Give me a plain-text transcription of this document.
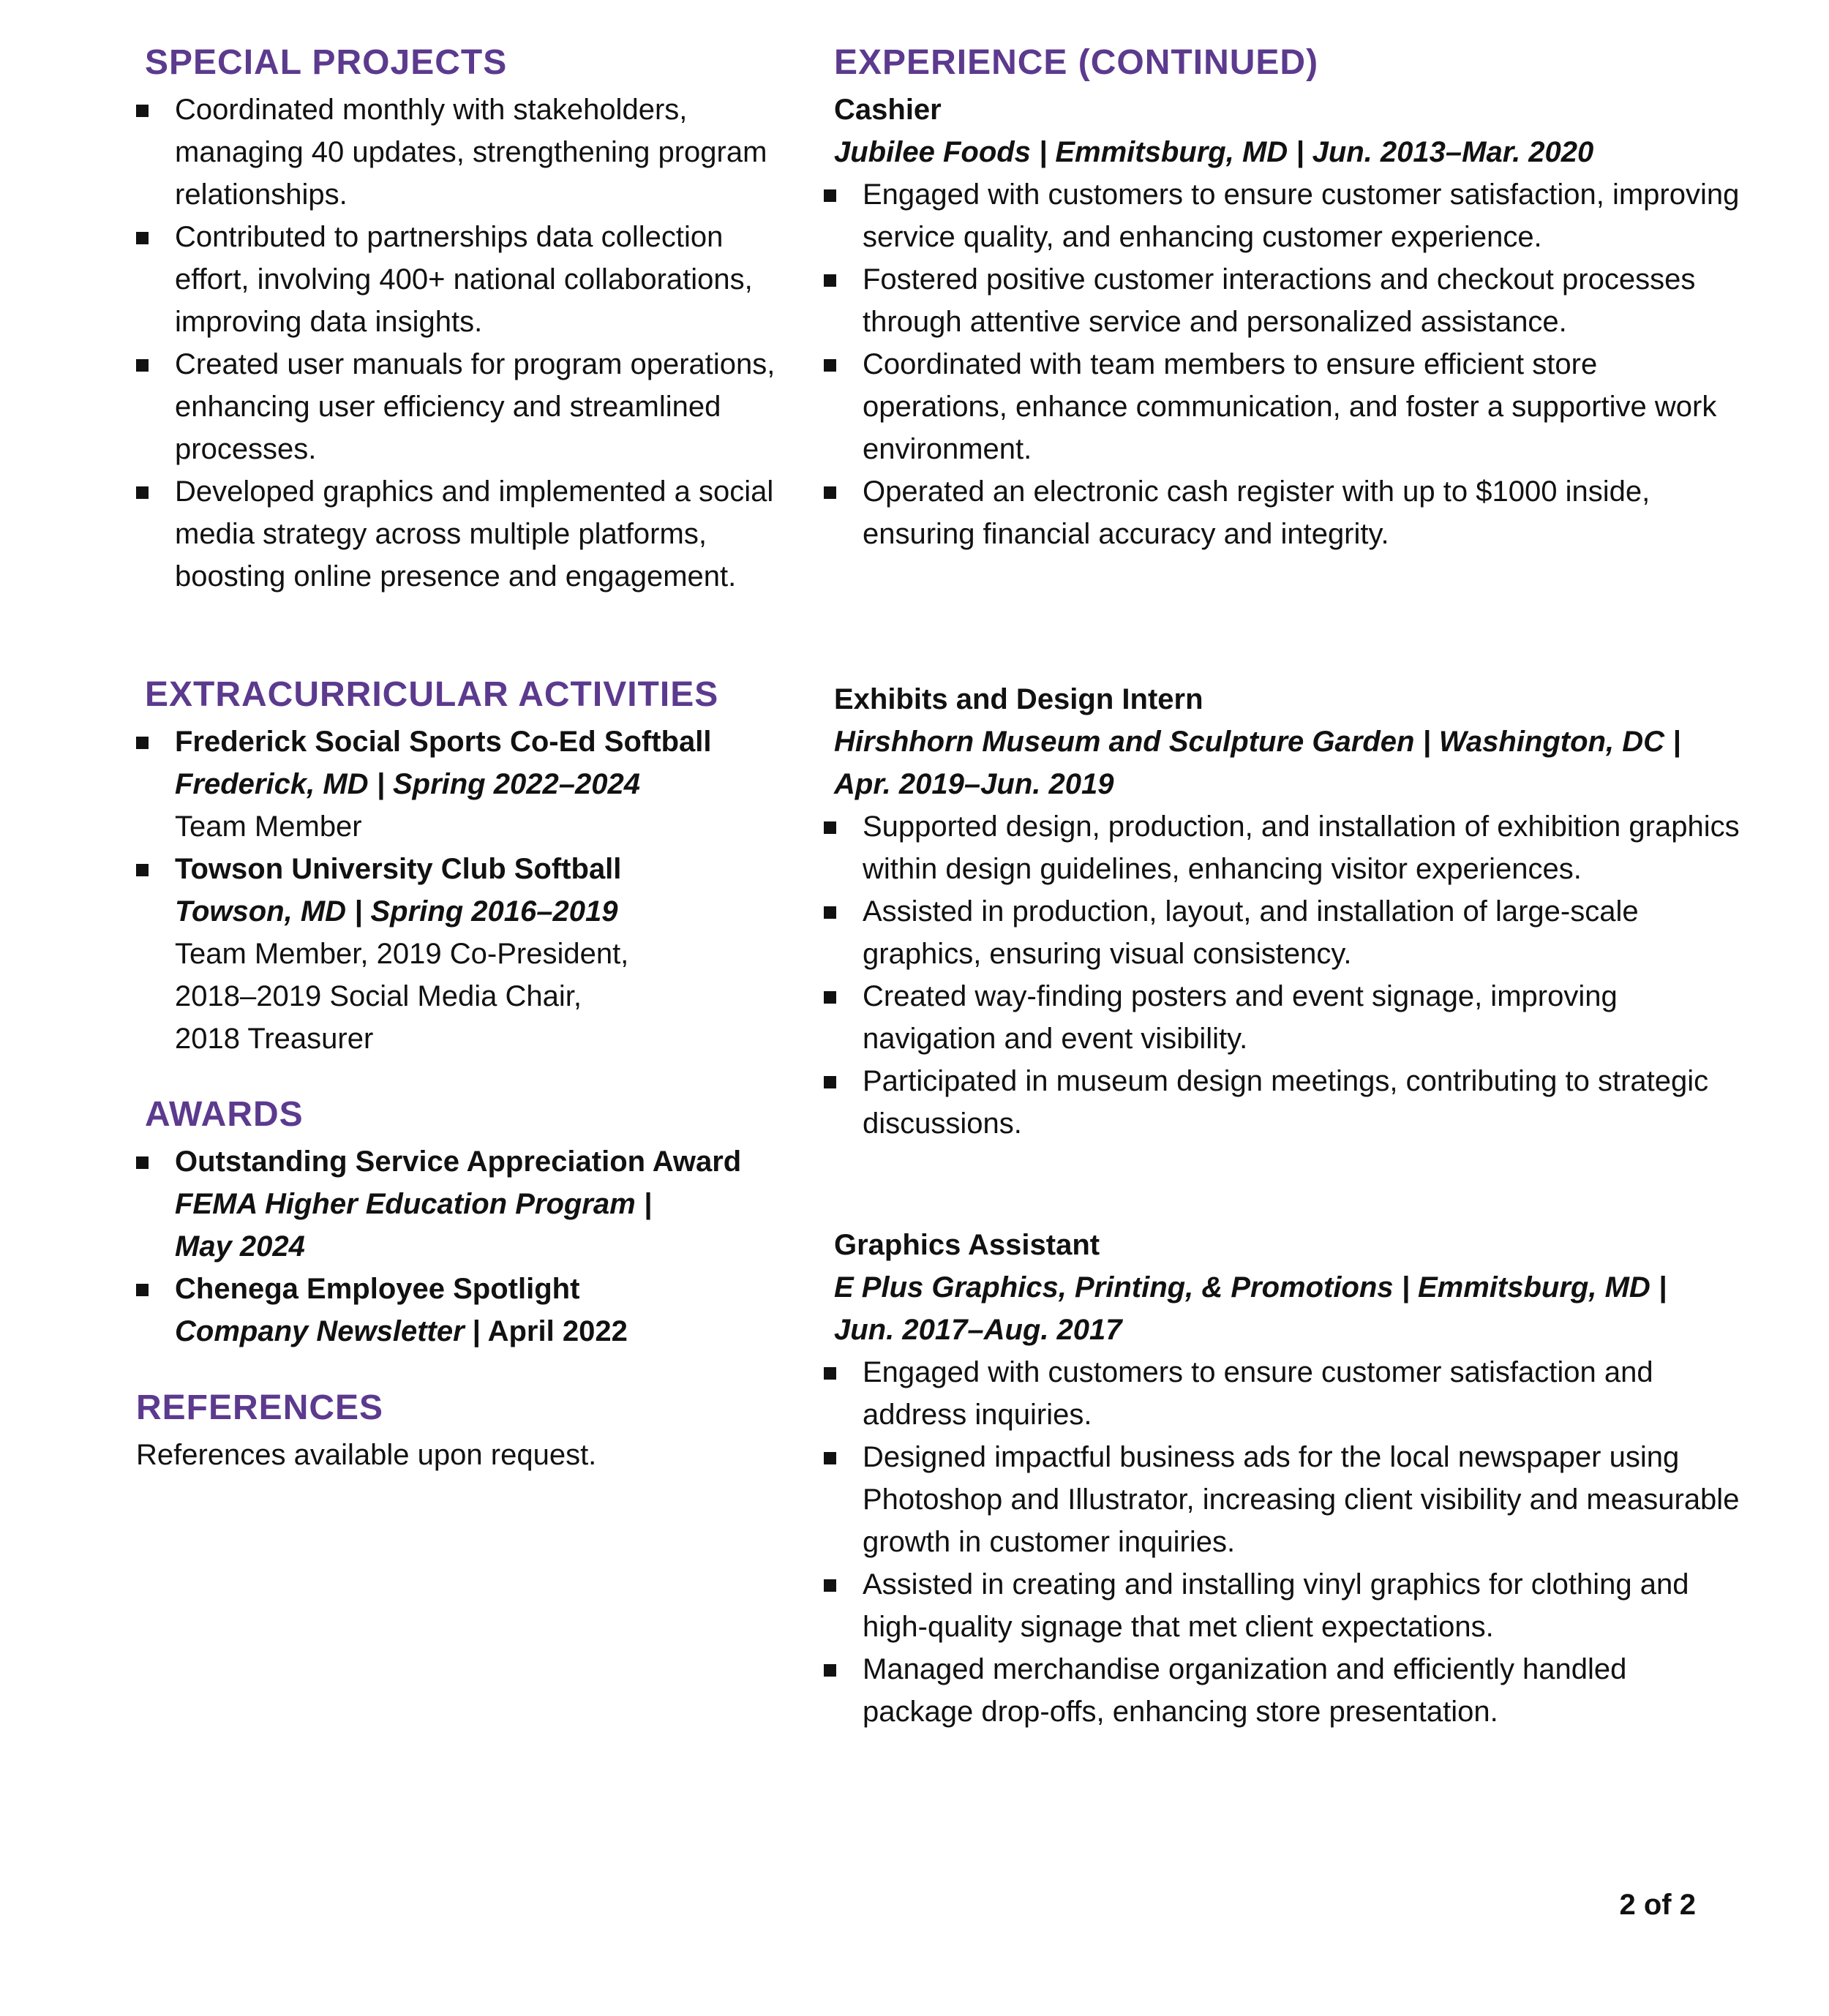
SPECIAL PROJECTS
Coordinated monthly with stakeholders, managing 40 updates, strengthening program relationships.
Contributed to partnerships data collection effort, involving 400+ national collaborations, improving data insights.
Created user manuals for program operations, enhancing user efficiency and streamlined processes.
Developed graphics and implemented a social media strategy across multiple platforms, boosting online presence and engagement.
EXTRACURRICULAR ACTIVITIES
Frederick Social Sports Co-Ed Softball
Frederick, MD | Spring 2022–2024
Team Member
Towson University Club Softball
Towson, MD | Spring 2016–2019
Team Member, 2019 Co-President,
2018–2019 Social Media Chair,
2018 Treasurer
AWARDS
Outstanding Service Appreciation Award
FEMA Higher Education Program |
May 2024
Chenega Employee Spotlight
Company Newsletter | April 2022
REFERENCES
References available upon request.
EXPERIENCE (CONTINUED)
Cashier
Jubilee Foods | Emmitsburg, MD | Jun. 2013–Mar. 2020
Engaged with customers to ensure customer satisfaction, improving service quality, and enhancing customer experience.
Fostered positive customer interactions and checkout processes through attentive service and personalized assistance.
Coordinated with team members to ensure efficient store operations, enhance communication, and foster a supportive work environment.
Operated an electronic cash register with up to $1000 inside, ensuring financial accuracy and integrity.
Exhibits and Design Intern
Hirshhorn Museum and Sculpture Garden | Washington, DC |
Apr. 2019–Jun. 2019
Supported design, production, and installation of exhibition graphics within design guidelines, enhancing visitor experiences.
Assisted in production, layout, and installation of large-scale graphics, ensuring visual consistency.
Created way-finding posters and event signage, improving navigation and event visibility.
Participated in museum design meetings, contributing to strategic discussions.
Graphics Assistant
E Plus Graphics, Printing, & Promotions | Emmitsburg, MD |
Jun. 2017–Aug. 2017
Engaged with customers to ensure customer satisfaction and address inquiries.
Designed impactful business ads for the local newspaper using Photoshop and Illustrator, increasing client visibility and measurable growth in customer inquiries.
Assisted in creating and installing vinyl graphics for clothing and high-quality signage that met client expectations.
Managed merchandise organization and efficiently handled package drop-offs, enhancing store presentation.
2 of 2
